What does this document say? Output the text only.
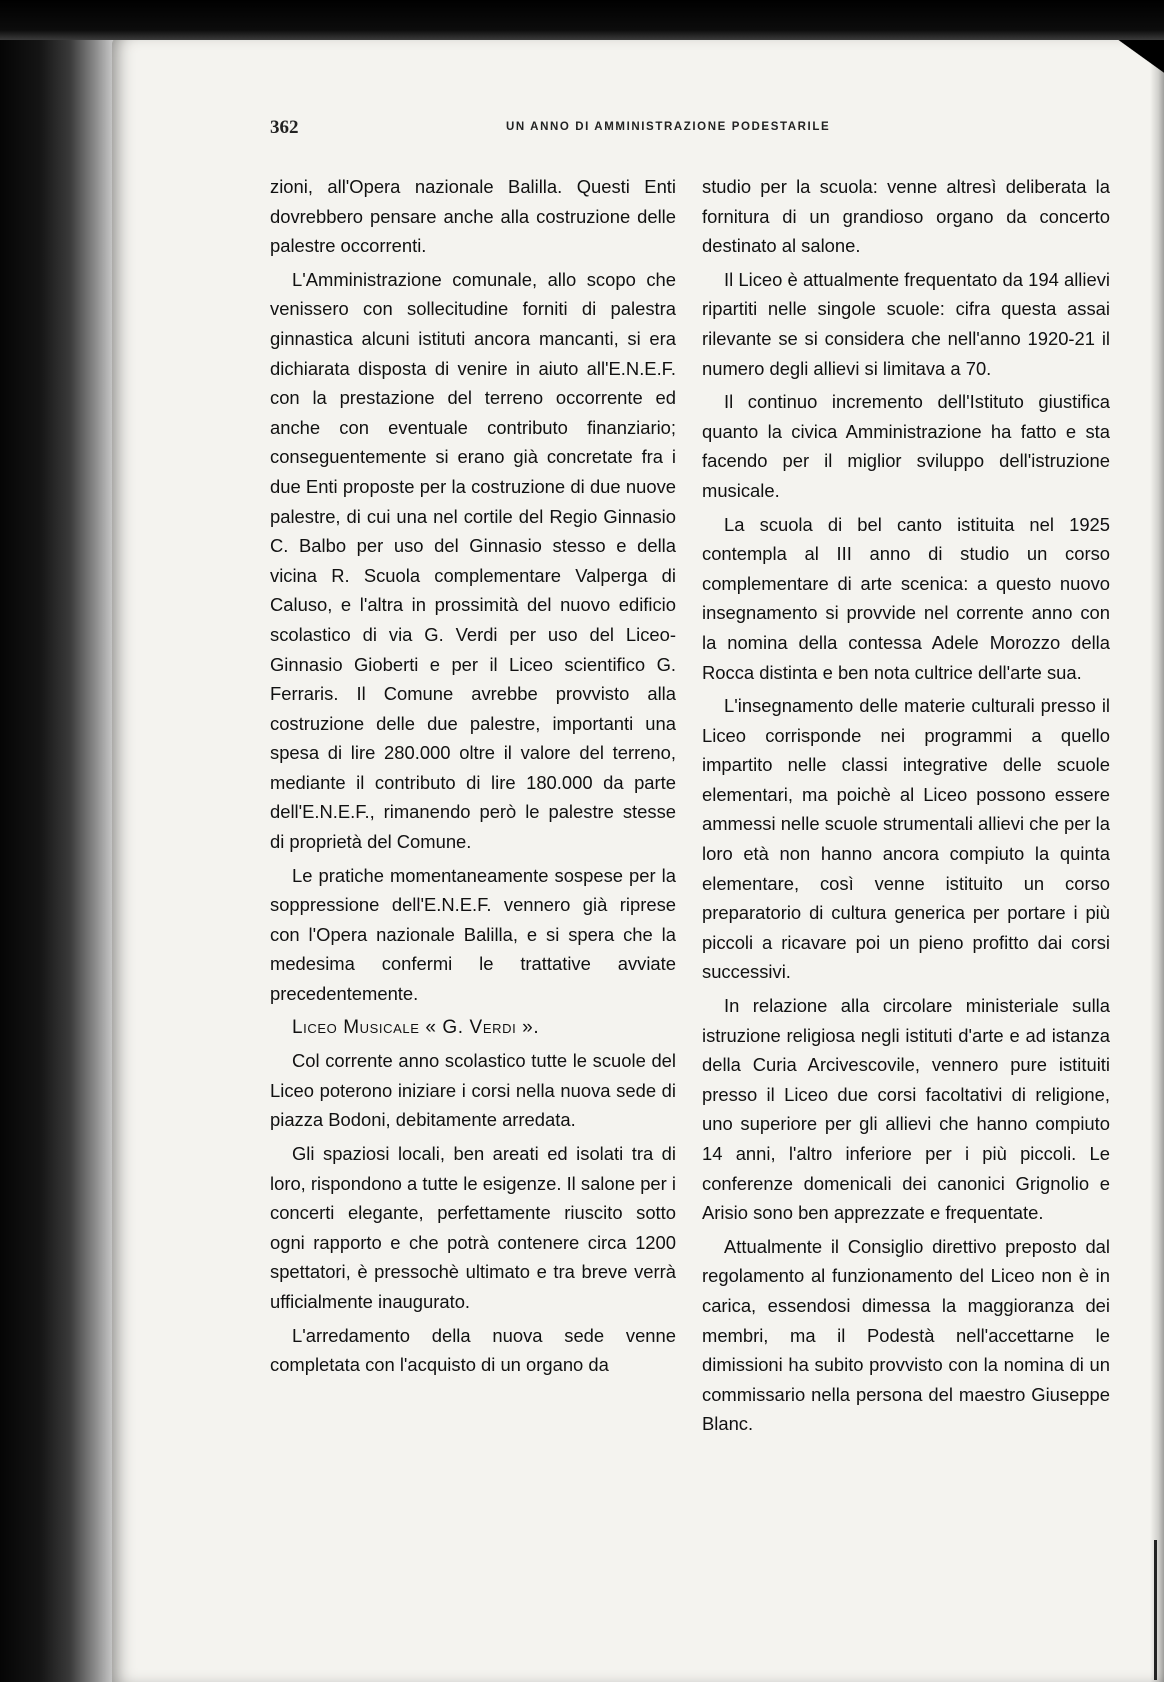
362	UN ANNO DI AMMINISTRAZIONE PODESTARILE

zioni, all'Opera nazionale Balilla. Questi Enti dovrebbero pensare anche alla costruzione delle palestre occorrenti.

L'Amministrazione comunale, allo scopo che venissero con sollecitudine forniti di palestra ginnastica alcuni istituti ancora mancanti, si era dichiarata disposta di venire in aiuto all'E.N.E.F. con la prestazione del terreno occorrente ed anche con eventuale contributo finanziario; conseguentemente si erano già concretate fra i due Enti proposte per la costruzione di due nuove palestre, di cui una nel cortile del Regio Ginnasio C. Balbo per uso del Ginnasio stesso e della vicina R. Scuola complementare Valperga di Caluso, e l'altra in prossimità del nuovo edificio scolastico di via G. Verdi per uso del Liceo-Ginnasio Gioberti e per il Liceo scientifico G. Ferraris. Il Comune avrebbe provvisto alla costruzione delle due palestre, importanti una spesa di lire 280.000 oltre il valore del terreno, mediante il contributo di lire 180.000 da parte dell'E.N.E.F., rimanendo però le palestre stesse di proprietà del Comune.

Le pratiche momentaneamente sospese per la soppressione dell'E.N.E.F. vennero già riprese con l'Opera nazionale Balilla, e si spera che la medesima confermi le trattative avviate precedentemente.

Liceo Musicale « G. Verdi ».

Col corrente anno scolastico tutte le scuole del Liceo poterono iniziare i corsi nella nuova sede di piazza Bodoni, debitamente arredata.

Gli spaziosi locali, ben areati ed isolati tra di loro, rispondono a tutte le esigenze. Il salone per i concerti elegante, perfettamente riuscito sotto ogni rapporto e che potrà contenere circa 1200 spettatori, è pressochè ultimato e tra breve verrà ufficialmente inaugurato.

L'arredamento della nuova sede venne completata con l'acquisto di un organo da

studio per la scuola: venne altresì deliberata la fornitura di un grandioso organo da concerto destinato al salone.

Il Liceo è attualmente frequentato da 194 allievi ripartiti nelle singole scuole: cifra questa assai rilevante se si considera che nell'anno 1920-21 il numero degli allievi si limitava a 70.

Il continuo incremento dell'Istituto giustifica quanto la civica Amministrazione ha fatto e sta facendo per il miglior sviluppo dell'istruzione musicale.

La scuola di bel canto istituita nel 1925 contempla al III anno di studio un corso complementare di arte scenica: a questo nuovo insegnamento si provvide nel corrente anno con la nomina della contessa Adele Morozzo della Rocca distinta e ben nota cultrice dell'arte sua.

L'insegnamento delle materie culturali presso il Liceo corrisponde nei programmi a quello impartito nelle classi integrative delle scuole elementari, ma poichè al Liceo possono essere ammessi nelle scuole strumentali allievi che per la loro età non hanno ancora compiuto la quinta elementare, così venne istituito un corso preparatorio di cultura generica per portare i più piccoli a ricavare poi un pieno profitto dai corsi successivi.

In relazione alla circolare ministeriale sulla istruzione religiosa negli istituti d'arte e ad istanza della Curia Arcivescovile, vennero pure istituiti presso il Liceo due corsi facoltativi di religione, uno superiore per gli allievi che hanno compiuto 14 anni, l'altro inferiore per i più piccoli. Le conferenze domenicali dei canonici Grignolio e Arisio sono ben apprezzate e frequentate.

Attualmente il Consiglio direttivo preposto dal regolamento al funzionamento del Liceo non è in carica, essendosi dimessa la maggioranza dei membri, ma il Podestà nell'accettarne le dimissioni ha subito provvisto con la nomina di un commissario nella persona del maestro Giuseppe Blanc.
